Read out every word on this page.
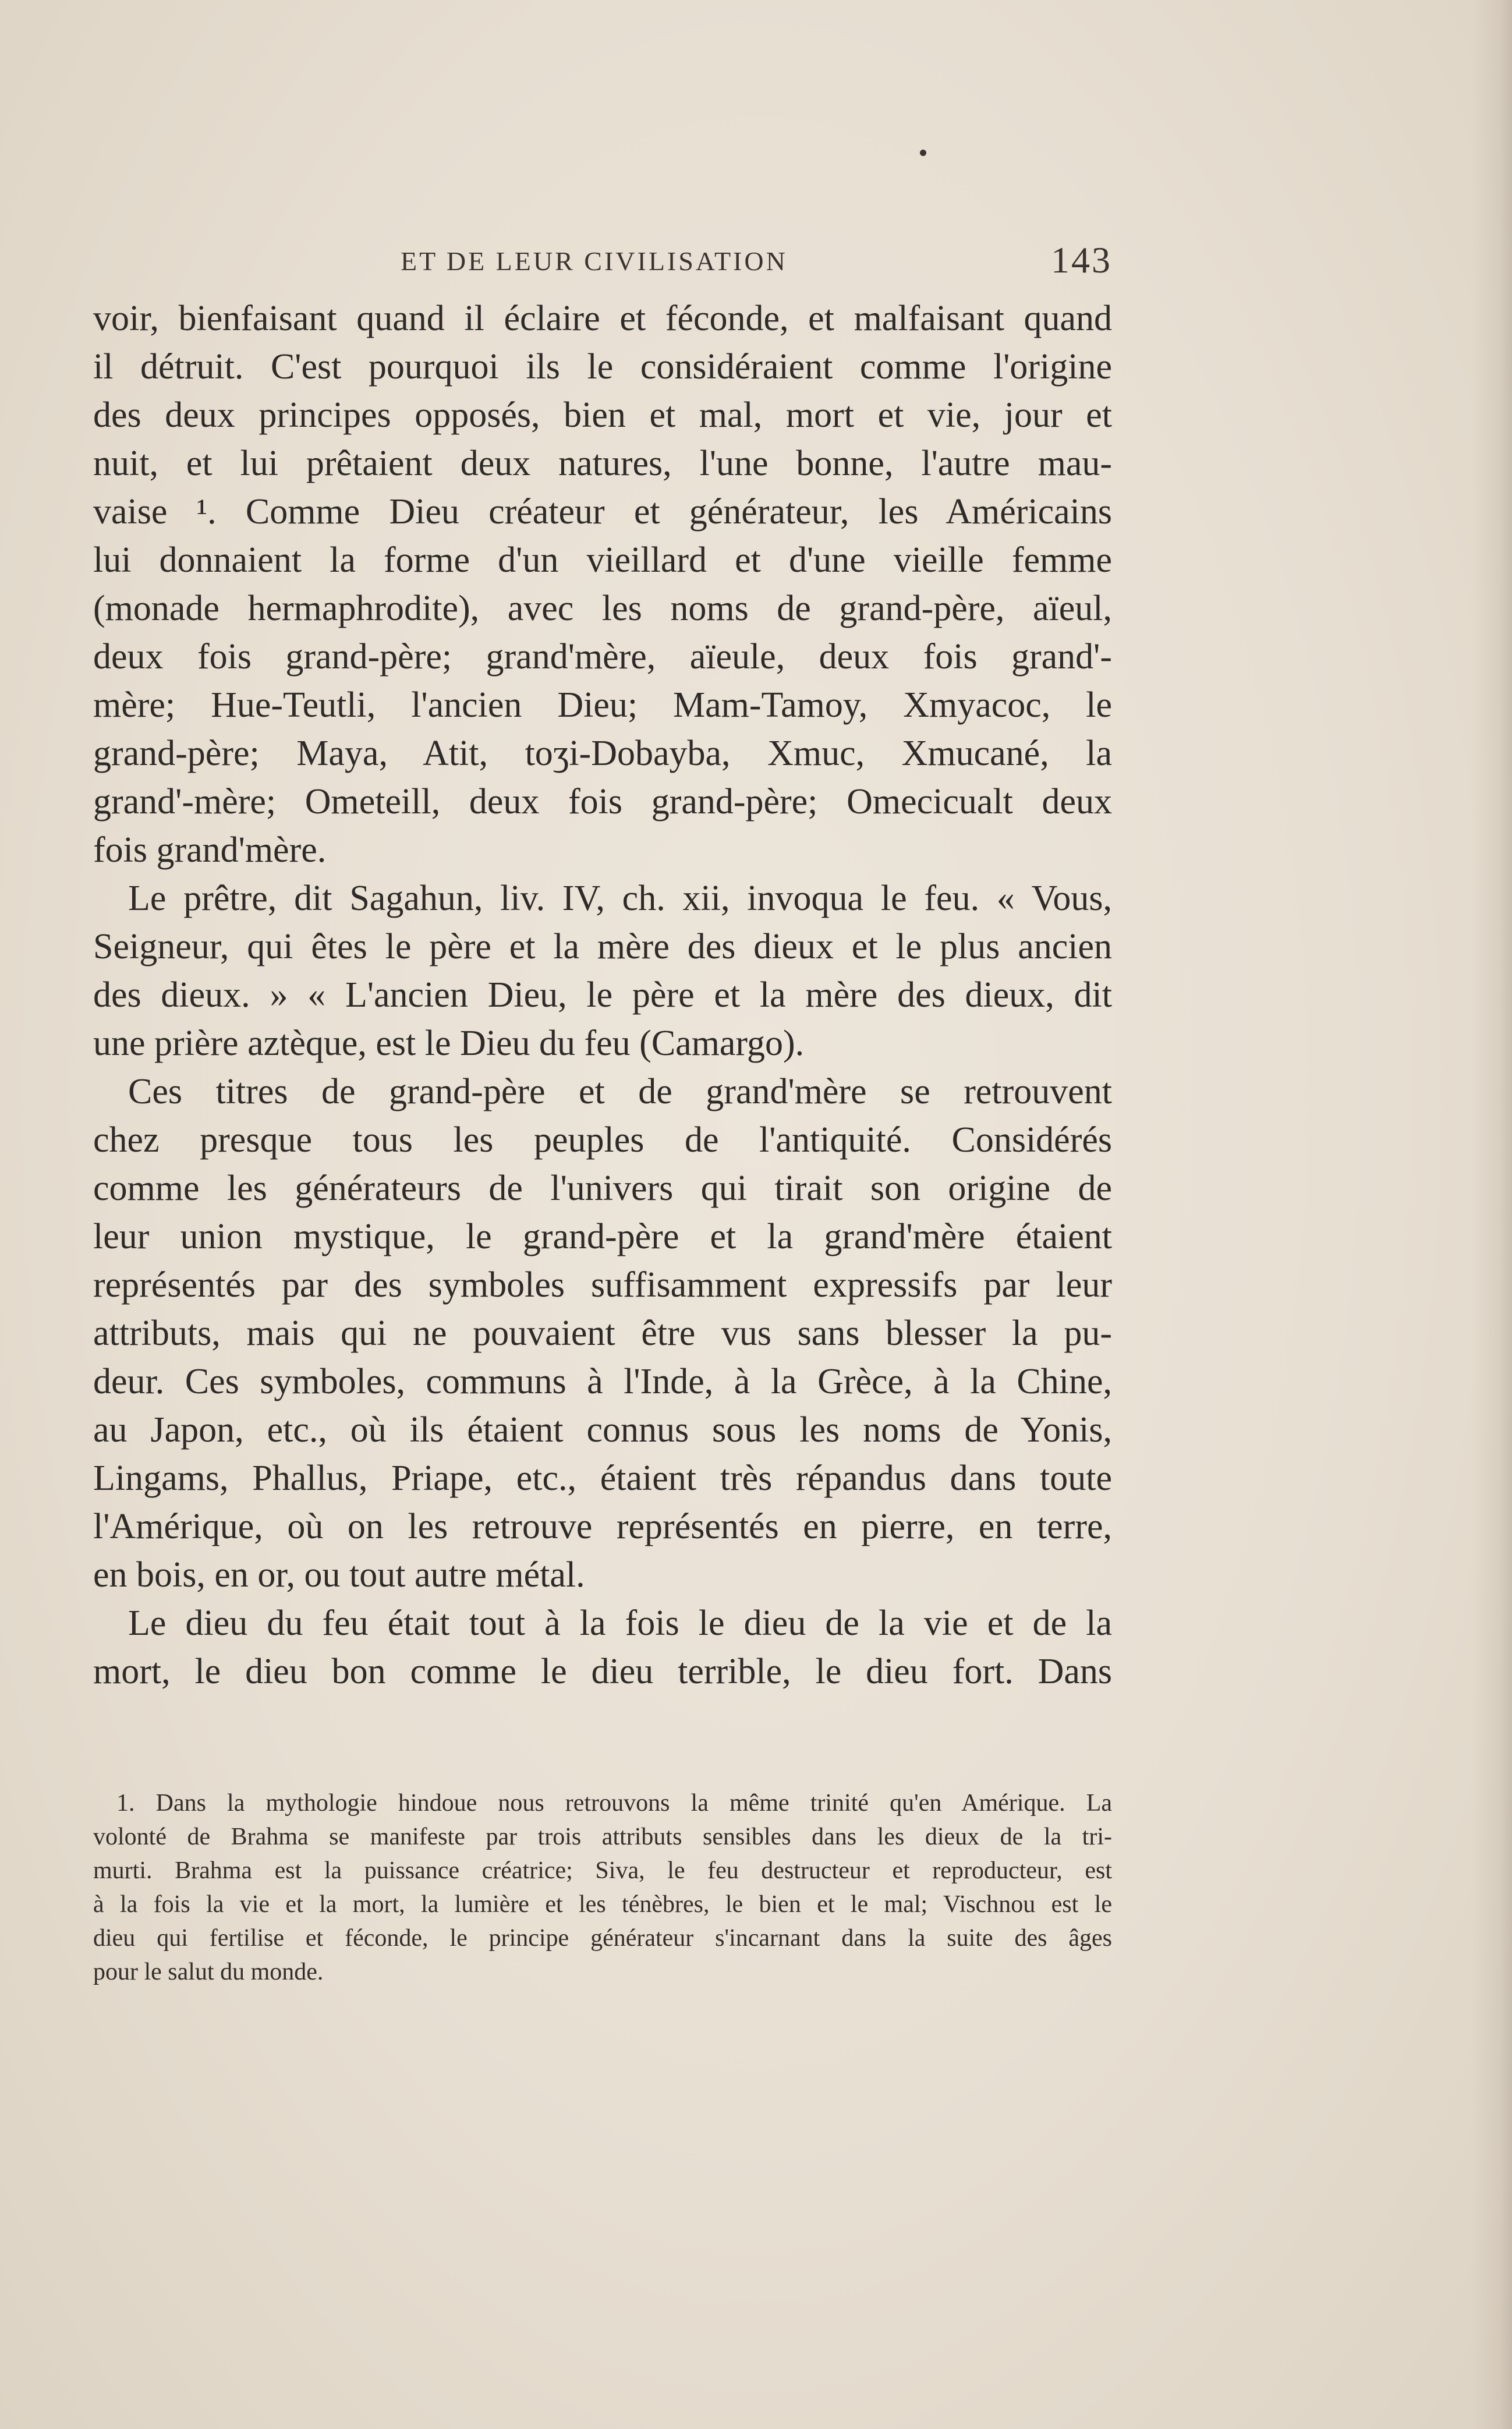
ET DE LEUR CIVILISATION	143
voir, bienfaisant quand il éclaire et féconde, et malfaisant quand
il détruit. C'est pourquoi ils le considéraient comme l'origine
des deux principes opposés, bien et mal, mort et vie, jour et
nuit, et lui prêtaient deux natures, l'une bonne, l'autre mau-
vaise ¹. Comme Dieu créateur et générateur, les Américains
lui donnaient la forme d'un vieillard et d'une vieille femme
(monade hermaphrodite), avec les noms de grand-père, aïeul,
deux fois grand-père; grand'mère, aïeule, deux fois grand'-
mère; Hue-Teutli, l'ancien Dieu; Mam-Tamoy, Xmyacoc, le
grand-père; Maya, Atit, toʒi-Dobayba, Xmuc, Xmucané, la
grand'-mère; Ometeill, deux fois grand-père; Omecicualt deux
fois grand'mère.
Le prêtre, dit Sagahun, liv. IV, ch. xii, invoqua le feu. « Vous,
Seigneur, qui êtes le père et la mère des dieux et le plus ancien
des dieux. » « L'ancien Dieu, le père et la mère des dieux, dit
une prière aztèque, est le Dieu du feu (Camargo).
Ces titres de grand-père et de grand'mère se retrouvent
chez presque tous les peuples de l'antiquité. Considérés
comme les générateurs de l'univers qui tirait son origine de
leur union mystique, le grand-père et la grand'mère étaient
représentés par des symboles suffisamment expressifs par leur
attributs, mais qui ne pouvaient être vus sans blesser la pu-
deur. Ces symboles, communs à l'Inde, à la Grèce, à la Chine,
au Japon, etc., où ils étaient connus sous les noms de Yonis,
Lingams, Phallus, Priape, etc., étaient très répandus dans toute
l'Amérique, où on les retrouve représentés en pierre, en terre,
en bois, en or, ou tout autre métal.
Le dieu du feu était tout à la fois le dieu de la vie et de la
mort, le dieu bon comme le dieu terrible, le dieu fort. Dans
1. Dans la mythologie hindoue nous retrouvons la même trinité qu'en Amérique. La
volonté de Brahma se manifeste par trois attributs sensibles dans les dieux de la tri-
murti. Brahma est la puissance créatrice; Siva, le feu destructeur et reproducteur, est
à la fois la vie et la mort, la lumière et les ténèbres, le bien et le mal; Vischnou est le
dieu qui fertilise et féconde, le principe générateur s'incarnant dans la suite des âges
pour le salut du monde.
